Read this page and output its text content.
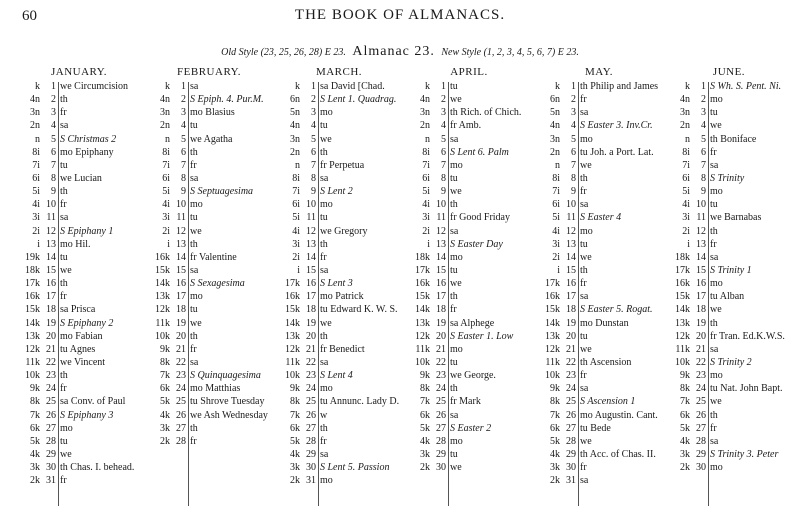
60	THE BOOK OF ALMANACS.
Old Style (23, 25, 26, 28) E 23. Almanac 23. New Style (1, 2, 3, 4, 5, 6, 7) E 23.
JANUARY.
k	1 we Circumcision
4n	2 th
3n	3 fr
2n	4 sa
n	5 S Christmas 2
8i	6 mo Epiphany
7i	7 tu
6i	8 we Lucian
5i	9 th
4i 10 fr
3i 11 sa
2i 12 S Epiphany 1
i 13 mo Hil.
19k 14 tu
18k 15 we
17k 16 th
16k 17 fr
15k 18 sa Prisca
14k 19 S Epiphany 2
13k 20 mo Fabian
12k 21 tu Agnes
11k 22 we Vincent
10k 23 th
9k 24 fr
8k 25 sa Conv. of Paul
7k 26 S Epiphany 3
6k 27 mo
5k 28 tu
4k 29 we
3k 30 th Chas. I. behead.
2k 31 fr
FEBRUARY.
k	1 sa
4n	2 S Epiph. 4. Pur.M.
3n	3 mo Blasius
2n	4 tu
n	5 we Agatha
8i	6 th
7i	7 fr
6i	8 sa
5i	9 S Septuagesima
4i 10 mo
3i 11 tu
2i 12 we
i 13 th
16k 14 fr Valentine
15k 15 sa
14k 16 S Sexagesima
13k 17 mo
12k 18 tu
11k 19 we
10k 20 th
9k 21 fr
8k 22 sa
7k 23 S Quinquagesima
6k 24 mo Matthias
5k 25 tu Shrove Tuesday
4k 26 we Ash Wednesday
3k 27 th
2k 28 fr
MARCH.
k	1 sa David [Chad.
6n	2 S Lent 1. Quadrag.
5n	3 mo
4n	4 tu
3n	5 we
2n	6 th
n	7 fr Perpetua
8i	8 sa
7i	9 S Lent 2
6i 10 mo
5i 11 tu
4i 12 we Gregory
3i 13 th
2i 14 fr
i 15 sa
17k 16 S Lent 3
16k 17 mo Patrick
15k 18 tu Edward K. W. S.
14k 19 we
13k 20 th
12k 21 fr Benedict
11k 22 sa
10k 23 S Lent 4
9k 24 mo
8k 25 tu Annunc. Lady D.
7k 26 w
6k 27 th
5k 28 fr
4k 29 sa
3k 30 S Lent 5. Passion
2k 31 mo
APRIL.
k	1 tu
4n	2 we
3n	3 th Rich. of Chich.
2n	4 fr Amb.
n	5 sa
8i	6 S Lent 6. Palm
7i	7 mo
6i	8 tu
5i	9 we
4i 10 th
3i 11 fr Good Friday
2i 12 sa
i 13 S Easter Day
18k 14 mo
17k 15 tu
16k 16 we
15k 17 th
14k 18 fr
13k 19 sa Alphege
12k 20 S Easter 1. Low
11k 21 mo
10k 22 tu
9k 23 we George.
8k 24 th
7k 25 fr Mark
6k 26 sa
5k 27 S Easter 2
4k 28 mo
3k 29 tu
2k 30 we
MAY.
k	1 th Philip and James
6n	2 fr
5n	3 sa
4n	4 S Easter 3. Inv.Cr.
3n	5 mo
2n	6 tu Joh. a Port. Lat.
n	7 we
8i	8 th
7i	9 fr
6i 10 sa
5i 11 S Easter 4
4i 12 mo
3i 13 tu
2i 14 we
i 15 th
17k 16 fr
16k 17 sa
15k 18 S Easter 5. Rogat.
14k 19 mo Dunstan
13k 20 tu
12k 21 we
11k 22 th Ascension
10k 23 fr
9k 24 sa
8k 25 S Ascension 1
7k 26 mo Augustin. Cant.
6k 27 tu Bede
5k 28 we
4k 29 th Acc. of Chas. II.
3k 30 fr
2k 31 sa
JUNE.
k	1 S Wh. S. Pent. Ni.
4n	2 mo
3n	3 tu
2n	4 we
n	5 th Boniface
8i	6 fr
7i	7 sa
6i	8 S Trinity
5i	9 mo
4i 10 tu
3i 11 we Barnabas
2i 12 th
i 13 fr
18k 14 sa
17k 15 S Trinity 1
16k 16 mo
15k 17 tu Alban
14k 18 we
13k 19 th
12k 20 fr Tran. Ed.K.W.S.
11k 21 sa
10k 22 S Trinity 2
9k 23 mo
8k 24 tu Nat. John Bapt.
7k 25 we
6k 26 th
5k 27 fr
4k 28 sa
3k 29 S Trinity 3. Peter
2k 30 mo
